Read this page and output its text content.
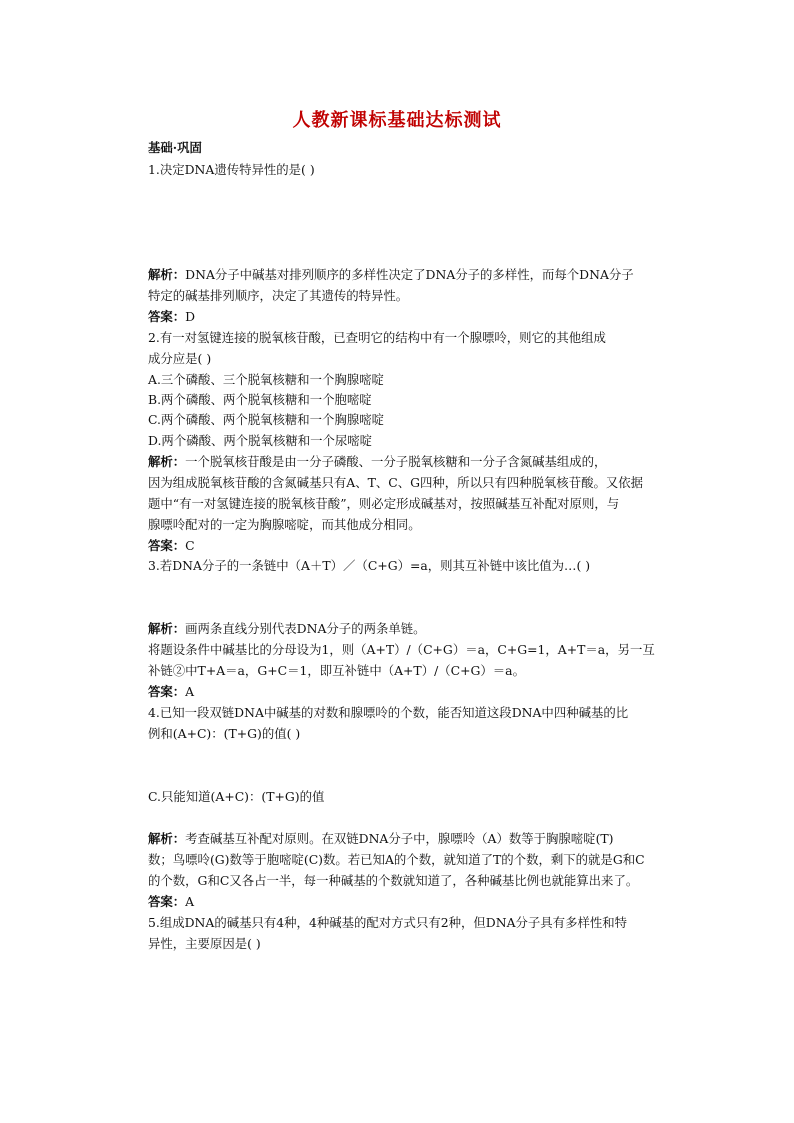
人教新课标基础达标测试
基础·巩固
1.决定DNA遗传特异性的是( )
解析：DNA分子中碱基对排列顺序的多样性决定了DNA分子的多样性，而每个DNA分子
特定的碱基排列顺序，决定了其遗传的特异性。
答案：D
2.有一对氢键连接的脱氧核苷酸，已查明它的结构中有一个腺嘌呤，则它的其他组成
成分应是( )
A.三个磷酸、三个脱氧核糖和一个胸腺嘧啶
B.两个磷酸、两个脱氧核糖和一个胞嘧啶
C.两个磷酸、两个脱氧核糖和一个胸腺嘧啶
D.两个磷酸、两个脱氧核糖和一个尿嘧啶
解析：一个脱氧核苷酸是由一分子磷酸、一分子脱氧核糖和一分子含氮碱基组成的，
因为组成脱氧核苷酸的含氮碱基只有A、T、C、G四种，所以只有四种脱氧核苷酸。又依据
题中“有一对氢键连接的脱氧核苷酸”，则必定形成碱基对，按照碱基互补配对原则，与
腺嘌呤配对的一定为胸腺嘧啶，而其他成分相同。
答案：C
3.若DNA分子的一条链中（A＋T）／（C+G）=a，则其互补链中该比值为…( )
解析：画两条直线分别代表DNA分子的两条单链。
将题设条件中碱基比的分母设为1，则（A+T）/（C+G）＝a，C+G=1，A+T＝a，另一互
补链②中T+A＝a，G+C＝1，即互补链中（A+T）/（C+G）＝a。
答案：A
4.已知一段双链DNA中碱基的对数和腺嘌呤的个数，能否知道这段DNA中四种碱基的比
例和(A+C)：(T+G)的值( )
C.只能知道(A+C)：(T+G)的值
解析：考查碱基互补配对原则。在双链DNA分子中，腺嘌呤（A）数等于胸腺嘧啶(T)
数；鸟嘌呤(G)数等于胞嘧啶(C)数。若已知A的个数，就知道了T的个数，剩下的就是G和C
的个数，G和C又各占一半，每一种碱基的个数就知道了，各种碱基比例也就能算出来了。
答案：A
5.组成DNA的碱基只有4种，4种碱基的配对方式只有2种，但DNA分子具有多样性和特
异性，主要原因是( )
